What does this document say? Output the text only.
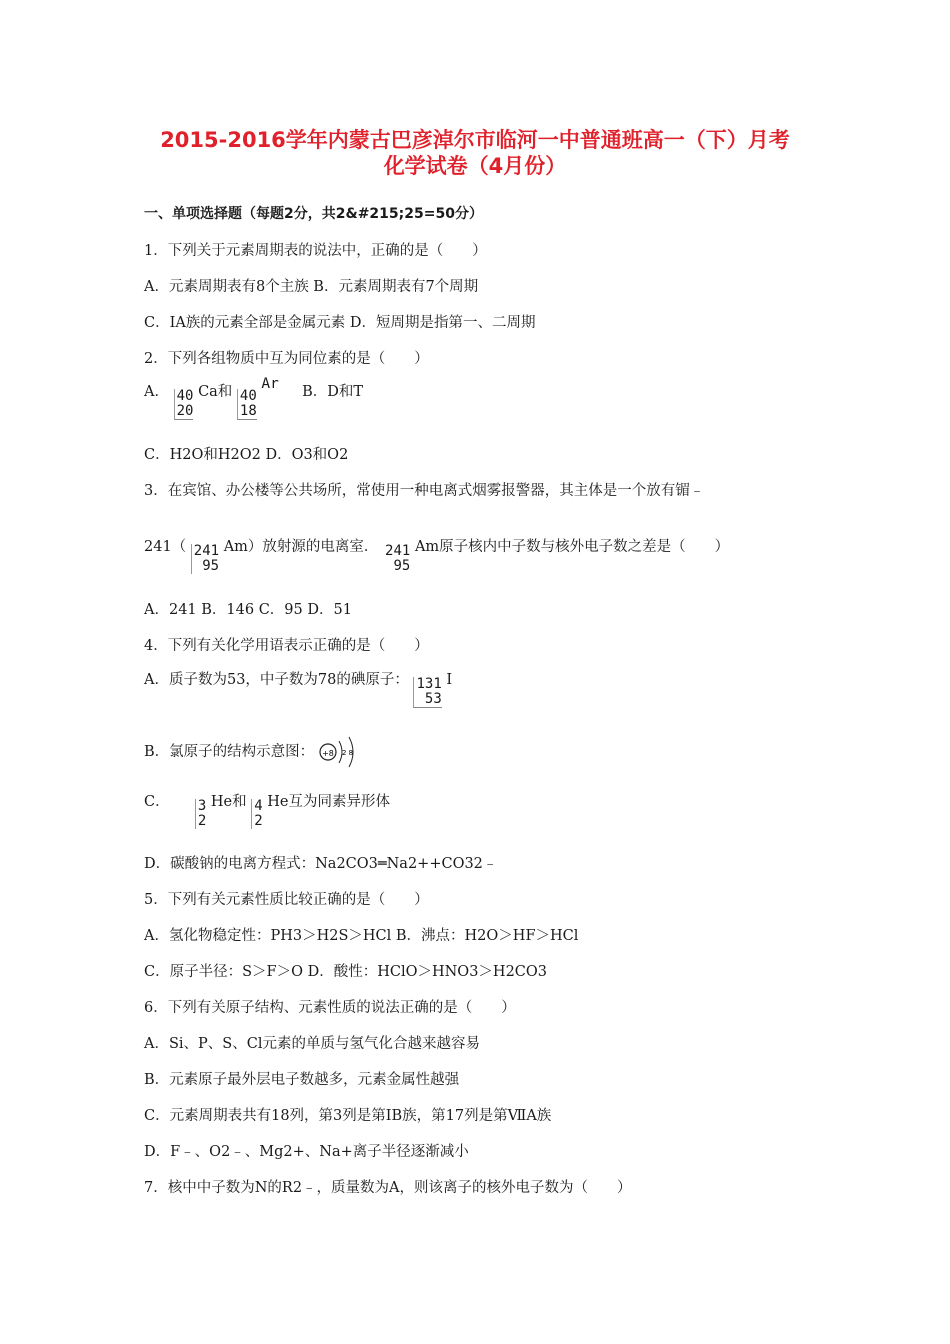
2015-2016学年内蒙古巴彦淖尔市临河一中普通班高一（下）月考
化学试卷（4月份）
一、单项选择题（每题2分，共2&#215;25=50分）
1．下列关于元素周期表的说法中，正确的是（　　）
A．元素周期表有8个主族 B．元素周期表有7个周期
C．IA族的元素全部是金属元素 D．短周期是指第一、二周期
2．下列各组物质中互为同位素的是（　　）
A． 40
20
Ca和 40
18
Ar B．D和T
C．H2O和H2O2 D．O3和O2
3．在宾馆、办公楼等公共场所，常使用一种电离式烟雾报警器，其主体是一个放有镅﹣
241（ 241
95
Am）放射源的电离室． 241
95
Am原子核内中子数与核外电子数之差是（　　）
A．241 B．146 C．95 D．51
4．下列有关化学用语表示正确的是（　　）
A．质子数为53，中子数为78的碘原子： 131
53
I
B．氯原子的结构示意图： +8 2 8
C． 3
2
He和 4
2
He互为同素异形体
D．碳酸钠的电离方程式：Na2CO3═Na2++CO32﹣
5．下列有关元素性质比较正确的是（　　）
A．氢化物稳定性：PH3＞H2S＞HCl B．沸点：H2O＞HF＞HCl
C．原子半径：S＞F＞O D．酸性：HClO＞HNO3＞H2CO3
6．下列有关原子结构、元素性质的说法正确的是（　　）
A．Si、P、S、Cl元素的单质与氢气化合越来越容易
B．元素原子最外层电子数越多，元素金属性越强
C．元素周期表共有18列，第3列是第ⅠB族，第17列是第ⅦA族
D．F﹣、O2﹣、Mg2+、Na+离子半径逐渐减小
7．核中中子数为N的R2﹣，质量数为A，则该离子的核外电子数为（　　）
